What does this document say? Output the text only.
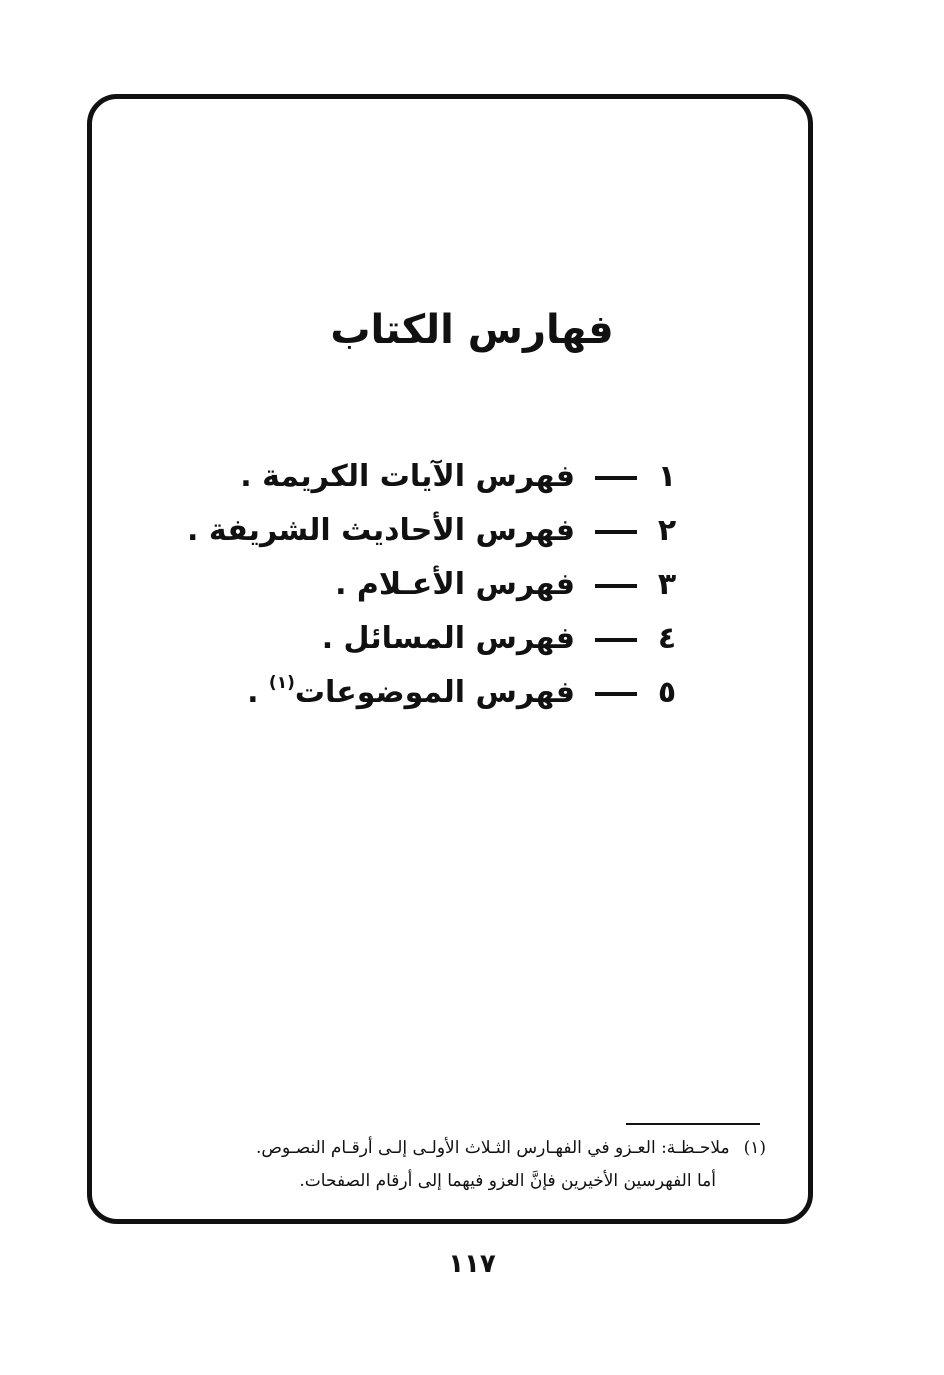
فهارس الكتاب
١
فهرس الآيات الكريمة .
٢
فهرس الأحاديث الشريفة .
٣
فهرس الأعـلام .
٤
فهرس المسائل .
٥
فهرس الموضوعات$^{(١)}$ .
(١)ملاحـظـة: العـزو في الفهـارس الثـلاث الأولـى إلـى أرقـام النصـوص.
أما الفهرسين الأخيرين فإنَّ العزو فيهما إلى أرقام الصفحات.
١١٧
